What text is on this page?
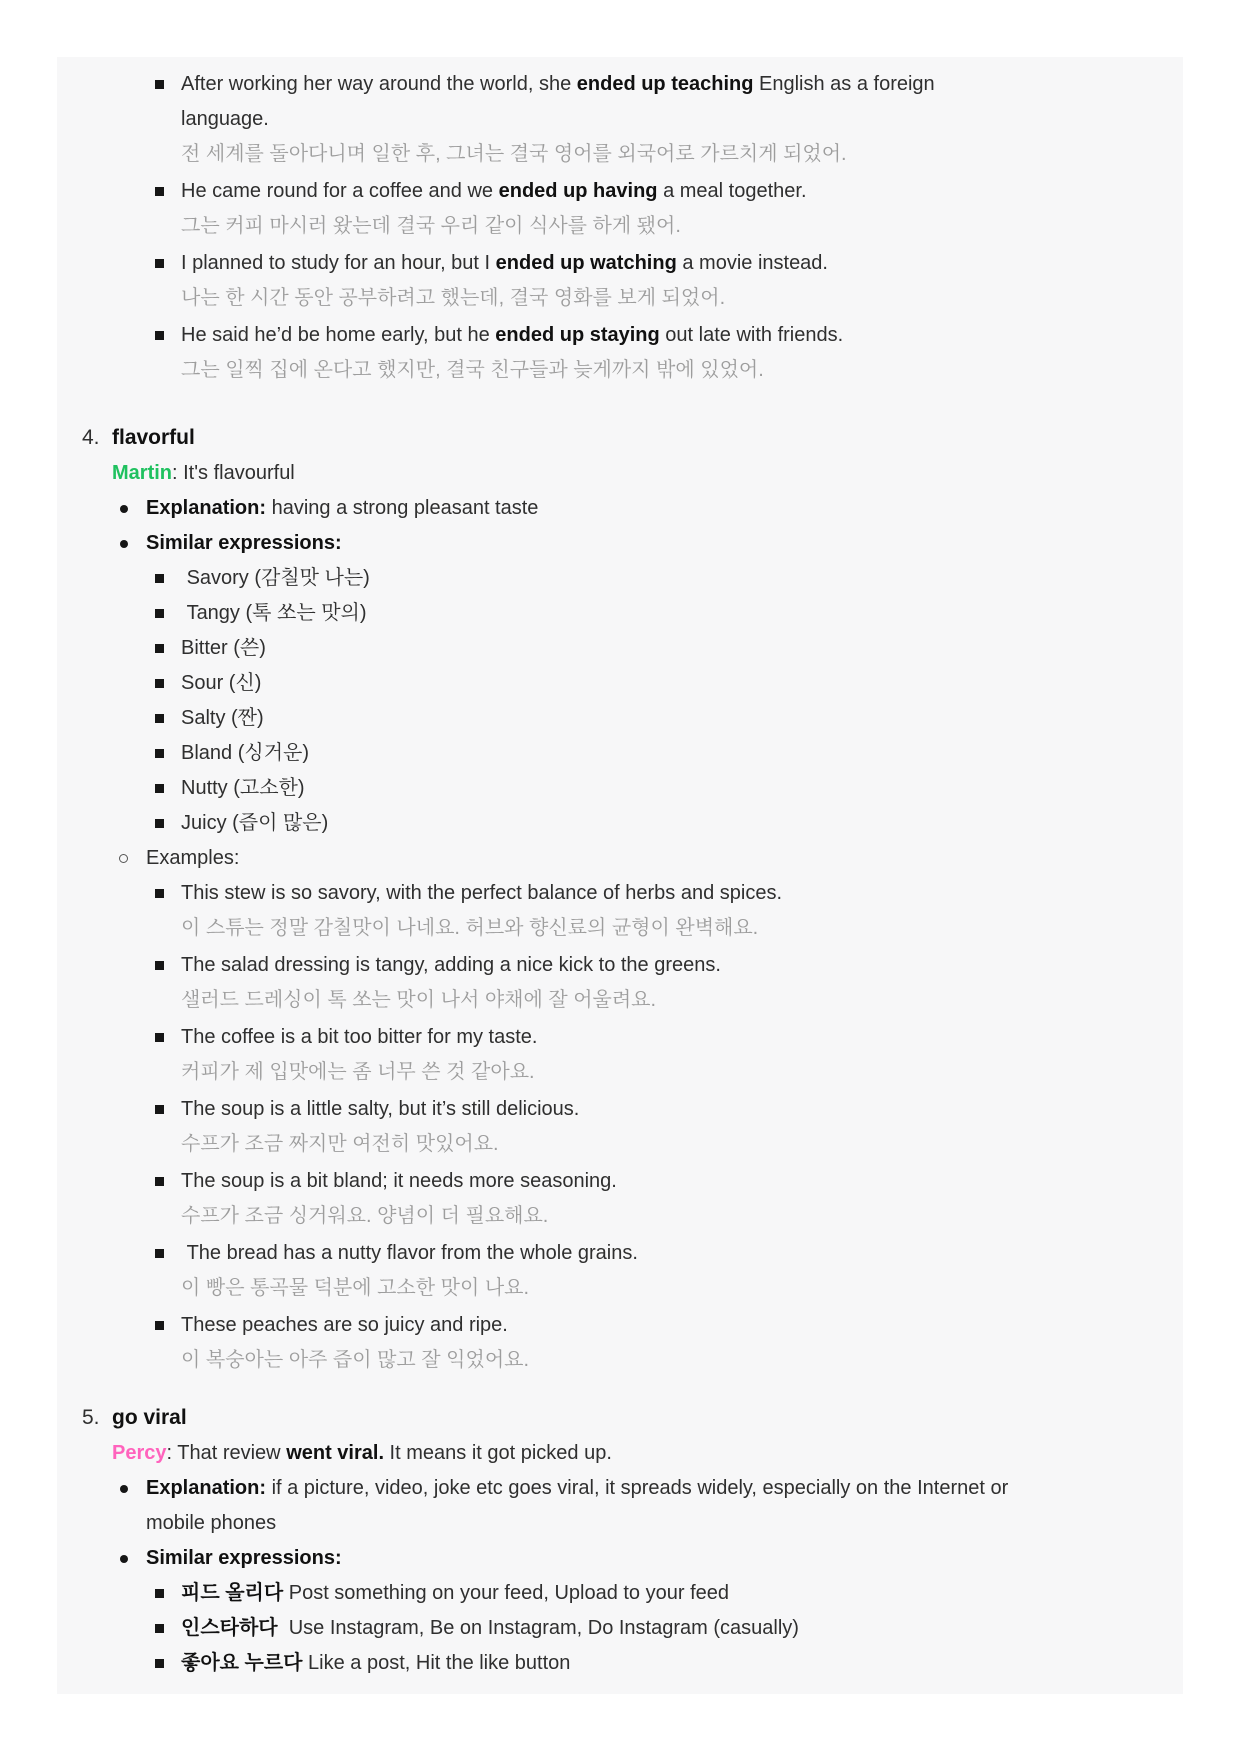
After working her way around the world, she ended up teaching English as a foreign language.
전 세계를 돌아다니며 일한 후, 그녀는 결국 영어를 외국어로 가르치게 되었어.
He came round for a coffee and we ended up having a meal together.
그는 커피 마시러 왔는데 결국 우리 같이 식사를 하게 됐어.
I planned to study for an hour, but I ended up watching a movie instead.
나는 한 시간 동안 공부하려고 했는데, 결국 영화를 보게 되었어.
He said he’d be home early, but he ended up staying out late with friends.
그는 일찍 집에 온다고 했지만, 결국 친구들과 늦게까지 밖에 있었어.
4. flavorful
Martin: It's flavourful
Explanation: having a strong pleasant taste
Similar expressions:
Savory (감칠맛 나는)
Tangy (톡 쏘는 맛의)
Bitter (쓴)
Sour (신)
Salty (짠)
Bland (싱거운)
Nutty (고소한)
Juicy (즙이 많은)
Examples:
This stew is so savory, with the perfect balance of herbs and spices.
이 스튜는 정말 감칠맛이 나네요. 허브와 향신료의 균형이 완벽해요.
The salad dressing is tangy, adding a nice kick to the greens.
샐러드 드레싱이 톡 쏘는 맛이 나서 야채에 잘 어울려요.
The coffee is a bit too bitter for my taste.
커피가 제 입맛에는 좀 너무 쓴 것 같아요.
The soup is a little salty, but it’s still delicious.
수프가 조금 짜지만 여전히 맛있어요.
The soup is a bit bland; it needs more seasoning.
수프가 조금 싱거워요. 양념이 더 필요해요.
The bread has a nutty flavor from the whole grains.
이 빵은 통곡물 덕분에 고소한 맛이 나요.
These peaches are so juicy and ripe.
이 복숭아는 아주 즙이 많고 잘 익었어요.
5. go viral
Percy: That review went viral. It means it got picked up.
Explanation: if a picture, video, joke etc goes viral, it spreads widely, especially on the Internet or mobile phones
Similar expressions:
피드 올리다 Post something on your feed, Upload to your feed
인스타하다  Use Instagram, Be on Instagram, Do Instagram (casually)
좋아요 누르다 Like a post, Hit the like button
